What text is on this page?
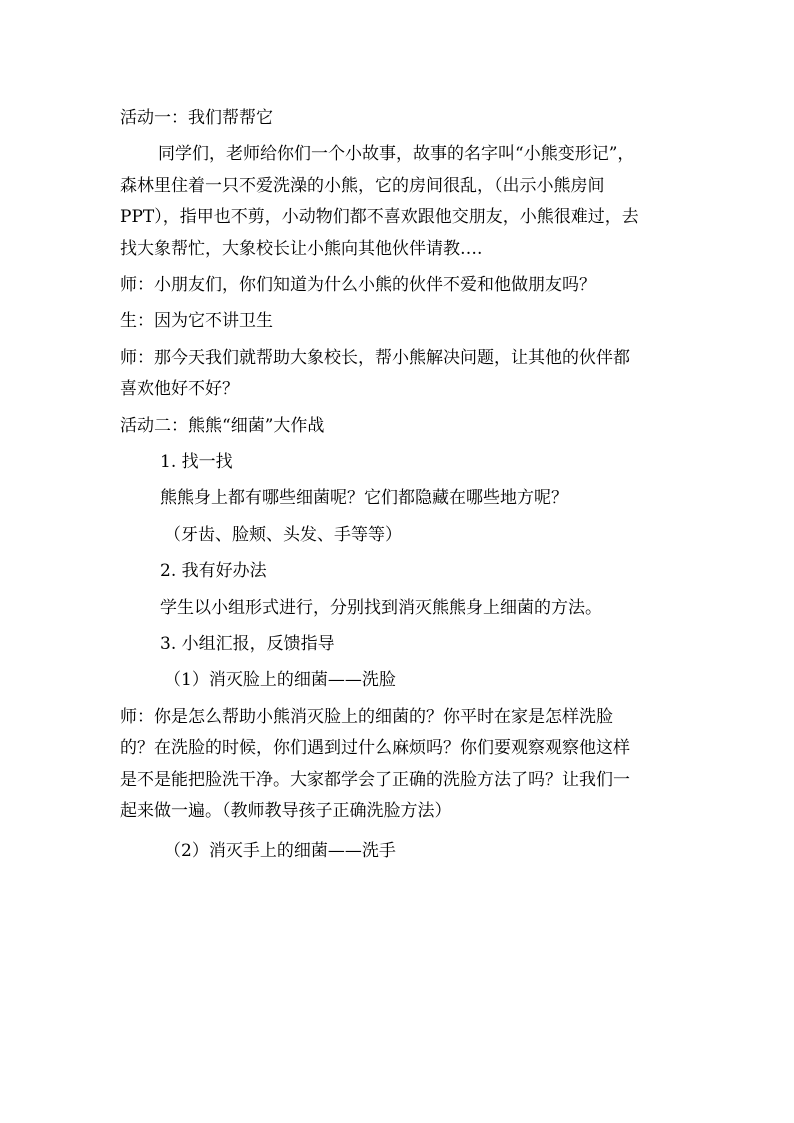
活动一：我们帮帮它
同学们，老师给你们一个小故事，故事的名字叫“小熊变形记”，
森林里住着一只不爱洗澡的小熊，它的房间很乱，（出示小熊房间
PPT），指甲也不剪，小动物们都不喜欢跟他交朋友，小熊很难过，去
找大象帮忙，大象校长让小熊向其他伙伴请教….
师：小朋友们，你们知道为什么小熊的伙伴不爱和他做朋友吗？
生：因为它不讲卫生
师：那今天我们就帮助大象校长，帮小熊解决问题，让其他的伙伴都
喜欢他好不好？
活动二：熊熊“细菌”大作战
1. 找一找
熊熊身上都有哪些细菌呢？它们都隐藏在哪些地方呢？
（牙齿、脸颊、头发、手等等）
2. 我有好办法
学生以小组形式进行，分别找到消灭熊熊身上细菌的方法。
3. 小组汇报，反馈指导
（1）消灭脸上的细菌——洗脸
师：你是怎么帮助小熊消灭脸上的细菌的？你平时在家是怎样洗脸
的？在洗脸的时候，你们遇到过什么麻烦吗？你们要观察观察他这样
是不是能把脸洗干净。大家都学会了正确的洗脸方法了吗？让我们一
起来做一遍。（教师教导孩子正确洗脸方法）
（2）消灭手上的细菌——洗手
